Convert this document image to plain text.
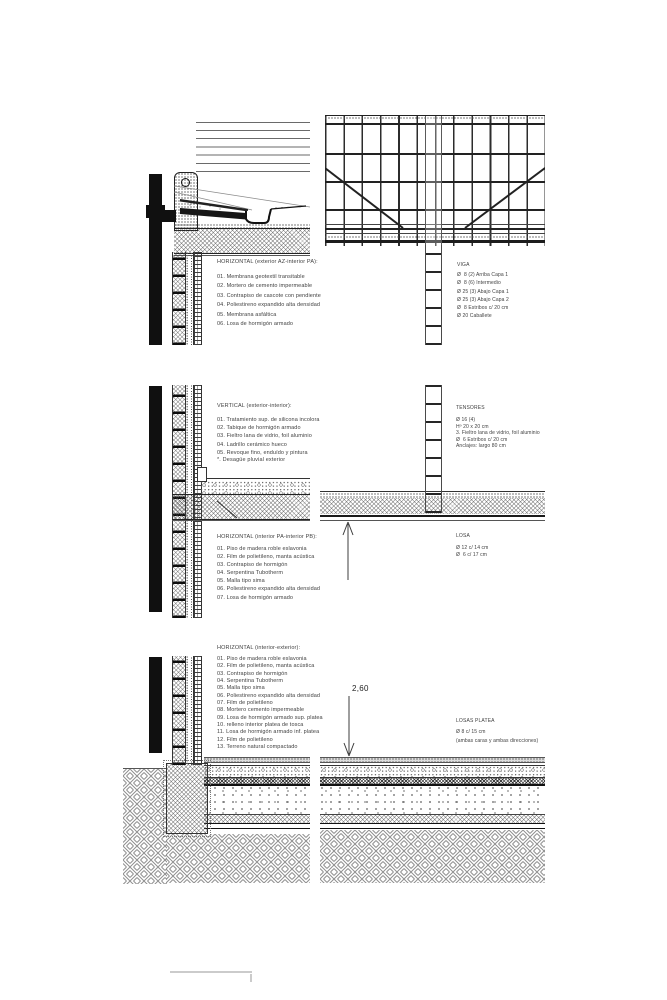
HORIZONTAL (exterior AZ-interior PA):
01. Membrana geotextil transitable
02. Mortero de cemento impermeable
03. Contrapiso de cascote con pendiente
04. Poliestireno expandido alta densidad
05. Membrana asfáltica
06. Losa de hormigón armado
VIGA
Ø  8 (2) Arriba Capa 1
Ø  8 (6) Intermedio
Ø 25 (3) Abajo Capa 1
Ø 25 (3) Abajo Capa 2
Ø  8 Estribos c/ 20 cm
Ø 20 Caballete
VERTICAL (exterior-interior):
01. Tratamiento sup. de silicona incolora
02. Tabique de hormigón armado
03. Fieltro lana de vidrio, foil aluminio
04. Ladrillo cerámico hueco
05. Revoque fino, enduído y pintura
*. Desagüe pluvial exterior
TENSORES
Ø 16 (4)
Hº 20 x 20 cm
3. Fieltro lana de vidrio, foil aluminio
Ø  6 Estribos c/ 20 cm
Anclajes: largo 80 cm
HORIZONTAL (interior PA-interior PB):
01. Piso de madera roble eslavonia
02. Film de polietileno, manta acústica
03. Contrapiso de hormigón
04. Serpentina Tubotherm
05. Malla tipo sima
06. Poliestireno expandido alta densidad
07. Losa de hormigón armado
LOSA
Ø 12 c/ 14 cm
Ø  6 c/ 17 cm
2,60
HORIZONTAL (interior-exterior):
01. Piso de madera roble eslavonia
02. Film de polietileno, manta acústica
03. Contrapiso de hormigón
04. Serpentina Tubotherm
05. Malla tipo sima
06. Poliestireno expandido alta densidad
07. Film de polietileno
08. Mortero cemento impermeable
09. Losa de hormigón armado sup. platea
10. relleno interior platea de tosca
11. Losa de hormigón armado inf. platea
12. Film de polietileno
13. Terreno natural compactado
LOSAS PLATEA
Ø 8 c/ 15 cm
(ambas caras y ambas direcciones)
